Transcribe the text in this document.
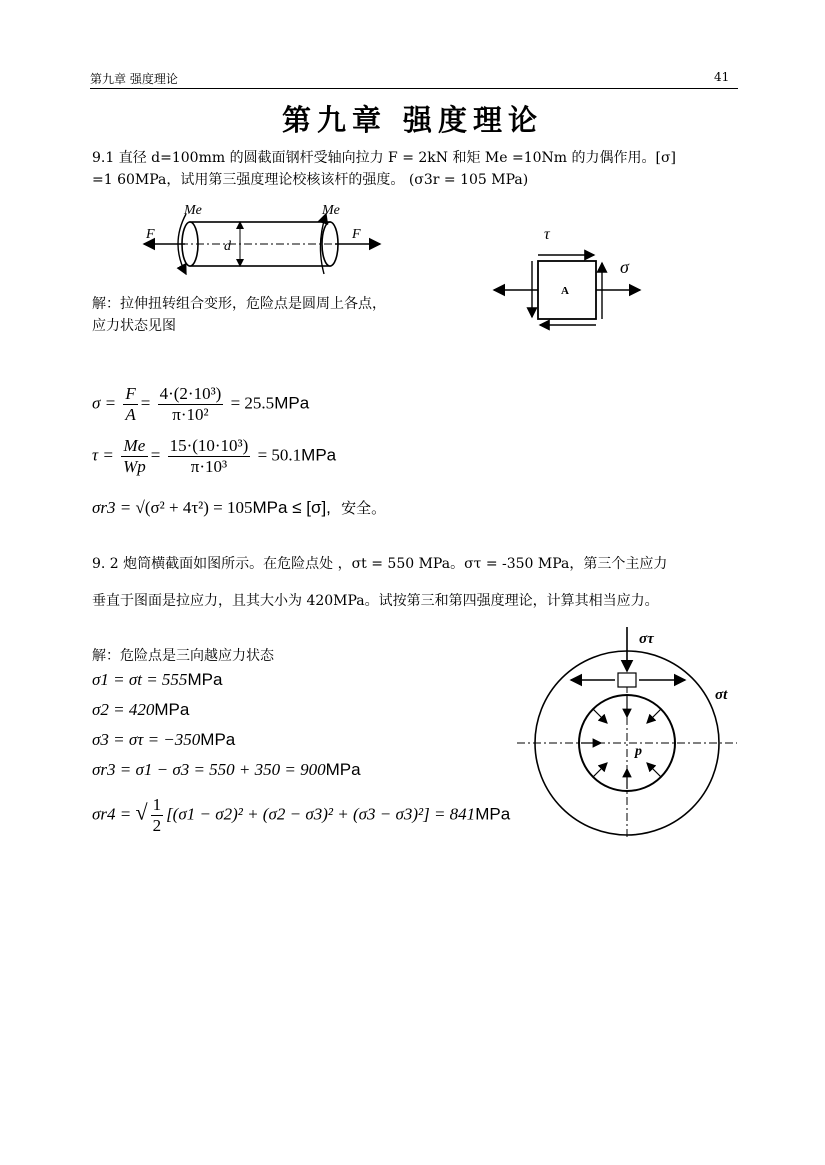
第九章 强度理论	41
第九章 强度理论
9.1 直径 d=100mm 的圆截面钢杆受轴向拉力 F = 2kN 和矩 Me =10Nm 的力偶作用。[σ]
=1 60MPa，试用第三强度理论校核该杆的强度。 (σ3r = 105 MPa)
Me	Me
F	F
d
τ
σ
A
解：拉伸扭转组合变形，危险点是圆周上各点，
应力状态见图
$\sigma = \frac{F}{A} = \frac{\text{4·(2·10³)}}{\text{π·10²}} = 25.5MPa$
$\tau = \frac{Me}{Wp} = \frac{\text{15·(10·10³)}}{\text{π·10³}} = 50.1MPa$
σr3 = √(σ² + 4τ²) = 105MPa ≤ [σ], 安全。
9. 2 炮筒横截面如图所示。在危险点处 ，σt = 550 MPa。στ = -350 MPa，第三个主应力
垂直于图面是拉应力，且其大小为 420MPa。试按第三和第四强度理论，计算其相当应力。
解：危险点是三向越应力状态
σ1 = σt = 555MPa
σ2 = 420MPa
σ3 = στ = −350MPa
σr3 = σ1 − σ3 = 550 + 350 = 900MPa
σr4 = √ $\frac{1}{2} [(\sigma 1 - \sigma 2)^2 + (\sigma 2 - \sigma 3)^2 + (\sigma 3 - \sigma 3)^2] = 841MPa$
στ
σt
p
